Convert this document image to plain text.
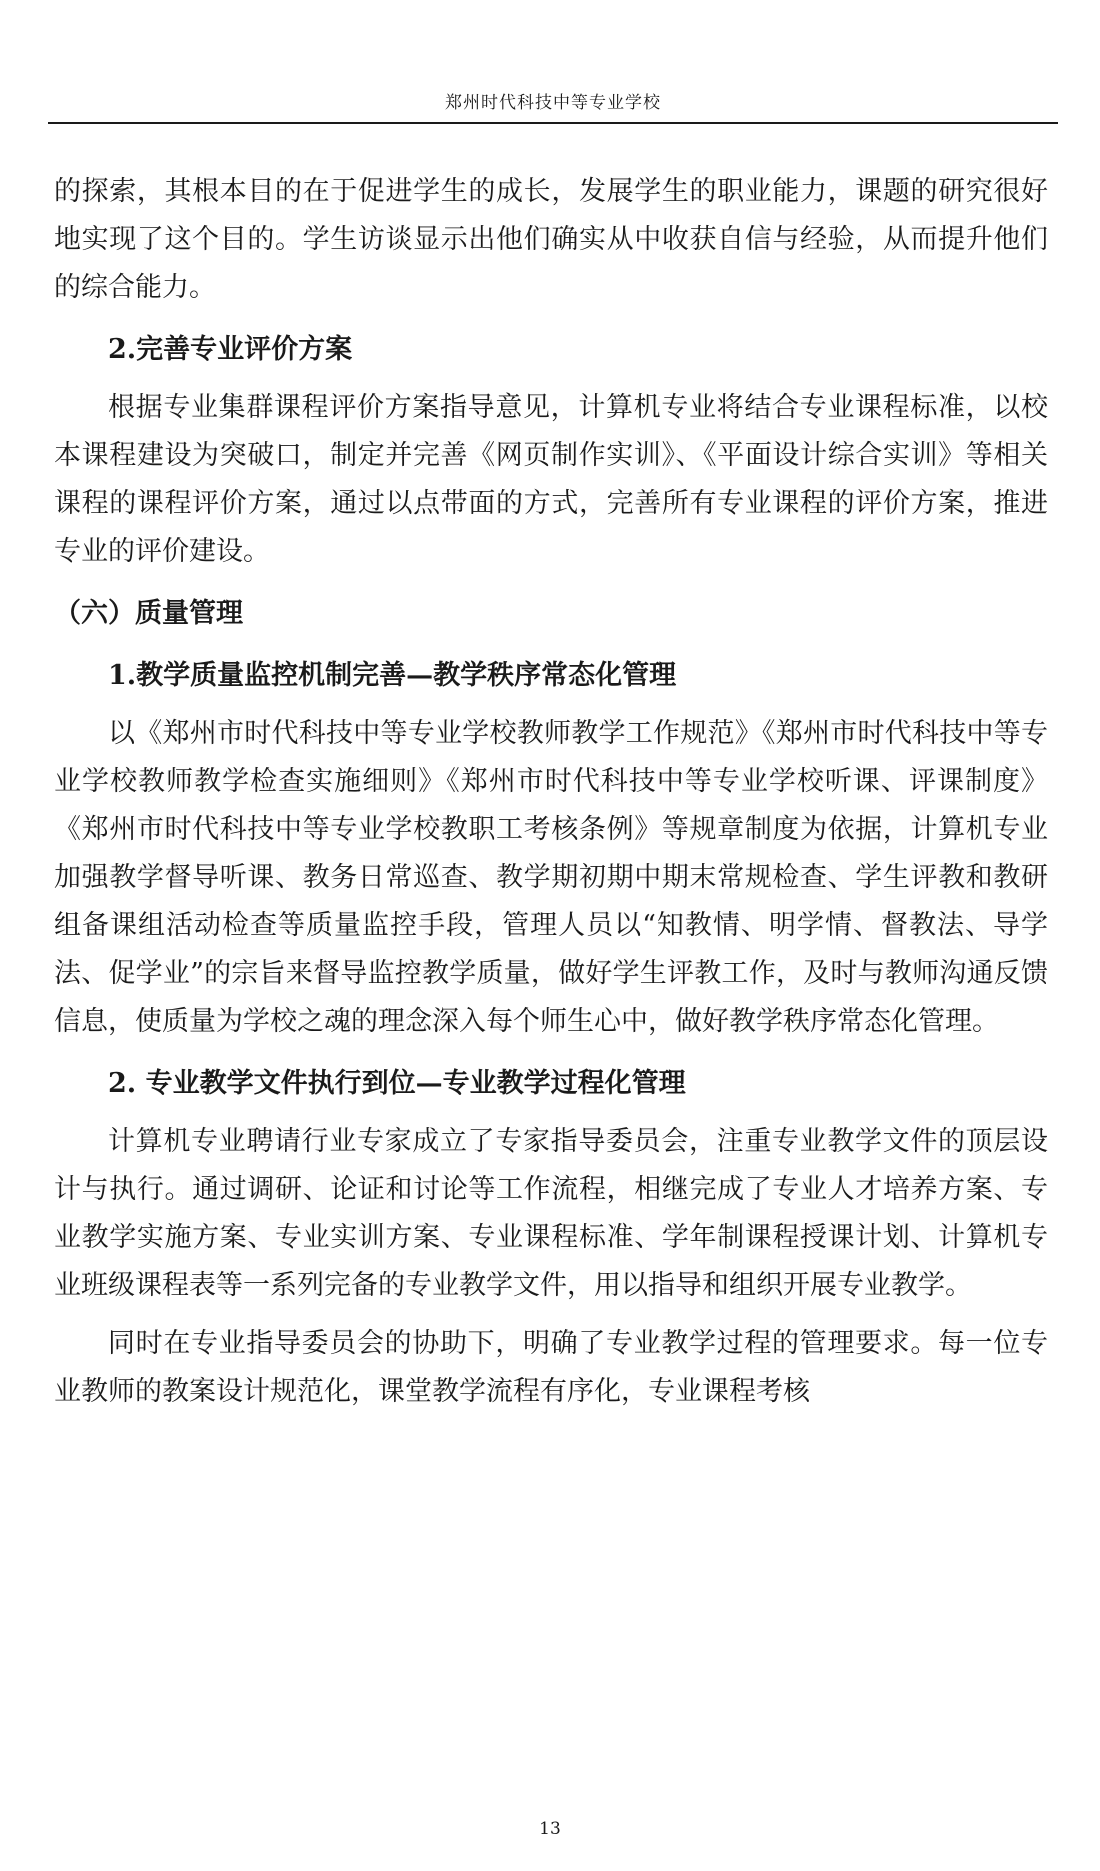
郑州时代科技中等专业学校

的探索，其根本目的在于促进学生的成长，发展学生的职业能力，课题的研究很好地实现了这个目的。学生访谈显示出他们确实从中收获自信与经验，从而提升他们的综合能力。

2.完善专业评价方案

根据专业集群课程评价方案指导意见，计算机专业将结合专业课程标准，以校本课程建设为突破口，制定并完善《网页制作实训》、《平面设计综合实训》等相关课程的课程评价方案，通过以点带面的方式，完善所有专业课程的评价方案，推进专业的评价建设。

（六）质量管理

1.教学质量监控机制完善—教学秩序常态化管理

以《郑州市时代科技中等专业学校教师教学工作规范》《郑州市时代科技中等专业学校教师教学检查实施细则》《郑州市时代科技中等专业学校听课、评课制度》《郑州市时代科技中等专业学校教职工考核条例》等规章制度为依据，计算机专业加强教学督导听课、教务日常巡查、教学期初期中期末常规检查、学生评教和教研组备课组活动检查等质量监控手段，管理人员以“知教情、明学情、督教法、导学法、促学业”的宗旨来督导监控教学质量，做好学生评教工作，及时与教师沟通反馈信息，使质量为学校之魂的理念深入每个师生心中，做好教学秩序常态化管理。

2. 专业教学文件执行到位—专业教学过程化管理

计算机专业聘请行业专家成立了专家指导委员会，注重专业教学文件的顶层设计与执行。通过调研、论证和讨论等工作流程，相继完成了专业人才培养方案、专业教学实施方案、专业实训方案、专业课程标准、学年制课程授课计划、计算机专业班级课程表等一系列完备的专业教学文件，用以指导和组织开展专业教学。

同时在专业指导委员会的协助下，明确了专业教学过程的管理要求。每一位专业教师的教案设计规范化，课堂教学流程有序化，专业课程考核

13
